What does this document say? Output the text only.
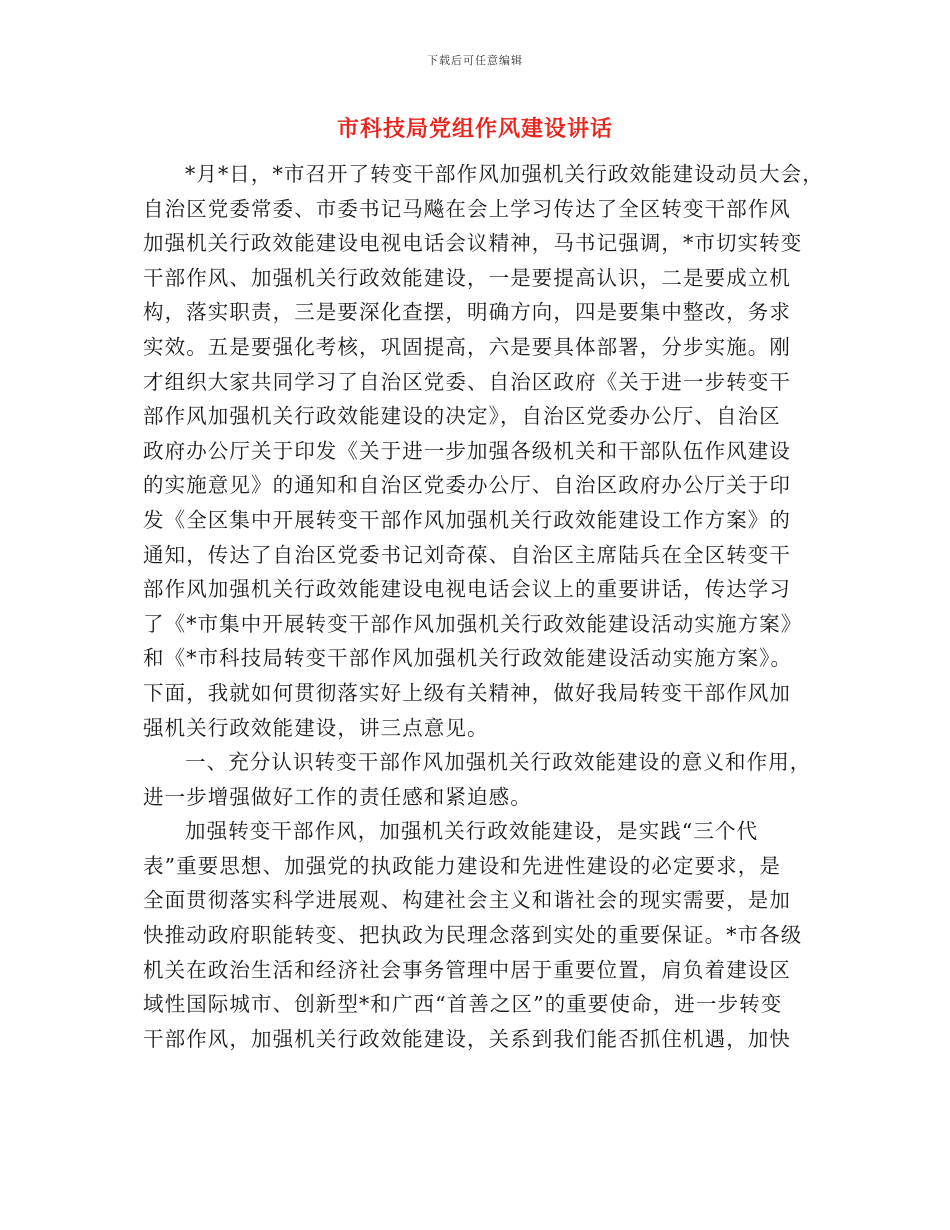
下载后可任意编辑
市科技局党组作风建设讲话
*月*日，*市召开了转变干部作风加强机关行政效能建设动员大会，
自治区党委常委、市委书记马飚在会上学习传达了全区转变干部作风
加强机关行政效能建设电视电话会议精神，马书记强调，*市切实转变
干部作风、加强机关行政效能建设，一是要提高认识，二是要成立机
构，落实职责，三是要深化查摆，明确方向，四是要集中整改，务求
实效。五是要强化考核，巩固提高，六是要具体部署，分步实施。刚
才组织大家共同学习了自治区党委、自治区政府《关于进一步转变干
部作风加强机关行政效能建设的决定》，自治区党委办公厅、自治区
政府办公厅关于印发《关于进一步加强各级机关和干部队伍作风建设
的实施意见》的通知和自治区党委办公厅、自治区政府办公厅关于印
发《全区集中开展转变干部作风加强机关行政效能建设工作方案》的
通知，传达了自治区党委书记刘奇葆、自治区主席陆兵在全区转变干
部作风加强机关行政效能建设电视电话会议上的重要讲话，传达学习
了《*市集中开展转变干部作风加强机关行政效能建设活动实施方案》
和《*市科技局转变干部作风加强机关行政效能建设活动实施方案》。
下面，我就如何贯彻落实好上级有关精神，做好我局转变干部作风加
强机关行政效能建设，讲三点意见。
一、充分认识转变干部作风加强机关行政效能建设的意义和作用，
进一步增强做好工作的责任感和紧迫感。
加强转变干部作风，加强机关行政效能建设，是实践“三个代
表”重要思想、加强党的执政能力建设和先进性建设的必定要求，是
全面贯彻落实科学进展观、构建社会主义和谐社会的现实需要，是加
快推动政府职能转变、把执政为民理念落到实处的重要保证。*市各级
机关在政治生活和经济社会事务管理中居于重要位置，肩负着建设区
域性国际城市、创新型*和广西“首善之区”的重要使命，进一步转变
干部作风，加强机关行政效能建设，关系到我们能否抓住机遇，加快
